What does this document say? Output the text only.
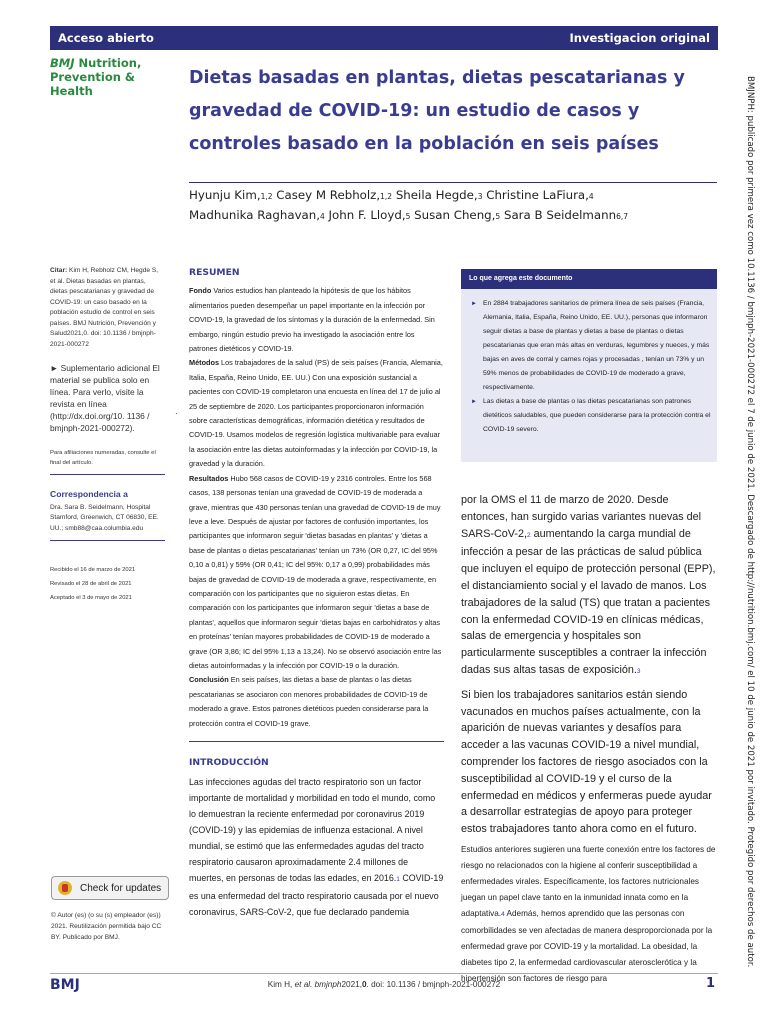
Acceso abierto	Investigacion original
BMJ Nutrition,
Prevention & Health
Dietas basadas en plantas, dietas pescatarianas y gravedad de COVID-19: un estudio de casos y controles basado en la población en seis países
Hyunju Kim,1,2 Casey M Rebholz,1,2 Sheila Hegde,3 Christine LaFiura,4
Madhunika Raghavan,4 John F. Lloyd,5 Susan Cheng,5 Sara B Seidelmann6,7	BMJNPH: publicado por primera vez como 10.1136 / bmjnph-2021-000272 el 7 de junio de 2021. Descargado de http://nutrition.bmj.com/ el 10 de junio de 2021 por invitado. Protegido por derechos de autor.
Citar: Kim H, Rebholz CM, Hegde S, et al. Dietas basadas en plantas, dietas pescatarianas y gravedad de COVID-19: un caso basado en la población estudio de control en seis países. BMJ Nutrición, Prevención y Salud2021,0. doi: 10.1136 / bmjnph-2021-000272
► Suplementario adicional El material se publica solo en línea. Para verlo, visite la revista en línea (http://dx.doi.org/10. 1136 / bmjnph-2021-000272).
Para afiliaciones numeradas, consulte el final del artículo.
Correspondencia a
Dra. Sara B. Seidelmann, Hospital Stamford, Greenwich, CT 06830, EE. UU.; smb88@caa.columbia.edu
Recibido el 16 de marzo de 2021
Revisado el 28 de abril de 2021
Aceptado el 3 de mayo de 2021
.
Check for updates
© Autor (es) (o su (s) empleador (es)) 2021. Reutilización permitida bajo CC BY. Publicado por BMJ.
RESUMEN
Fondo Varios estudios han planteado la hipótesis de que los hábitos alimentarios pueden desempeñar un papel importante en la infección por COVID-19, la gravedad de los síntomas y la duración de la enfermedad. Sin embargo, ningún estudio previo ha investigado la asociación entre los patrones dietéticos y COVID-19.
Métodos Los trabajadores de la salud (PS) de seis países (Francia, Alemania, Italia, España, Reino Unido, EE. UU.) Con una exposición sustancial a pacientes con COVID-19 completaron una encuesta en línea del 17 de julio al 25 de septiembre de 2020. Los participantes proporcionaron información sobre características demográficas, información dietética y resultados de COVID-19. Usamos modelos de regresión logística multivariable para evaluar la asociación entre las dietas autoinformadas y la infección por COVID-19, la gravedad y la duración.
Resultados Hubo 568 casos de COVID-19 y 2316 controles. Entre los 568 casos, 138 personas tenían una gravedad de COVID-19 de moderada a grave, mientras que 430 personas tenían una gravedad de COVID-19 de muy leve a leve. Después de ajustar por factores de confusión importantes, los participantes que informaron seguir 'dietas basadas en plantas' y 'dietas a base de plantas o dietas pescatarianas' tenían un 73% (OR 0,27, IC del 95% 0,10 a 0,81) y 59% (OR 0,41; IC del 95%: 0,17 a 0,99) probabilidades más bajas de gravedad de COVID-19 de moderada a grave, respectivamente, en comparación con los participantes que no siguieron estas dietas. En comparación con los participantes que informaron seguir 'dietas a base de plantas', aquellos que informaron seguir 'dietas bajas en carbohidratos y altas en proteínas' tenían mayores probabilidades de COVID-19 de moderado a grave (OR 3,86; IC del 95% 1,13 a 13,24). No se observó asociación entre las dietas autoinformadas y la infección por COVID-19 o la duración.
Conclusión En seis países, las dietas a base de plantas o las dietas pescatarianas se asociaron con menores probabilidades de COVID-19 de moderado a grave. Estos patrones dietéticos pueden considerarse para la protección contra el COVID-19 grave.
INTRODUCCIÓN
Las infecciones agudas del tracto respiratorio son un factor importante de mortalidad y morbilidad en todo el mundo, como lo demuestran la reciente enfermedad por coronavirus 2019 (COVID-19) y las epidemias de influenza estacional. A nivel mundial, se estimó que las enfermedades agudas del tracto respiratorio causaron aproximadamente 2.4 millones de muertes, en personas de todas las edades, en 2016.1 COVID-19 es una enfermedad del tracto respiratorio causada por el nuevo coronavirus, SARS-CoV-2, que fue declarado pandemia
Lo que agrega este documento
► En 2884 trabajadores sanitarios de primera línea de seis países (Francia, Alemania, Italia, España, Reino Unido, EE. UU.), personas que informaron seguir dietas a base de plantas y dietas a base de plantas o dietas pescatarianas que eran más altas en verduras, legumbres y nueces, y más bajas en aves de corral y carnes rojas y procesadas , tenían un 73% y un 59% menos de probabilidades de COVID-19 de moderado a grave, respectivamente.
► Las dietas a base de plantas o las dietas pescatarianas son patrones dietéticos saludables, que pueden considerarse para la protección contra el COVID-19 severo.

por la OMS el 11 de marzo de 2020. Desde entonces, han surgido varias variantes nuevas del SARS-CoV-2,2 aumentando la carga mundial de infección a pesar de las prácticas de salud pública que incluyen el equipo de protección personal (EPP), el distanciamiento social y el lavado de manos. Los trabajadores de la salud (TS) que tratan a pacientes con la enfermedad COVID-19 en clínicas médicas, salas de emergencia y hospitales son particularmente susceptibles a contraer la infección dadas sus altas tasas de exposición.3

Si bien los trabajadores sanitarios están siendo vacunados en muchos países actualmente, con la aparición de nuevas variantes y desafíos para acceder a las vacunas COVID-19 a nivel mundial, comprender los factores de riesgo asociados con la susceptibilidad al COVID-19 y el curso de la enfermedad en médicos y enfermeras puede ayudar a desarrollar estrategias de apoyo para proteger estos trabajadores tanto ahora como en el futuro.

Estudios anteriores sugieren una fuerte conexión entre los factores de riesgo no relacionados con la higiene al conferir susceptibilidad a enfermedades virales. Específicamente, los factores nutricionales juegan un papel clave tanto en la inmunidad innata como en la adaptativa.4 Además, hemos aprendido que las personas con comorbilidades se ven afectadas de manera desproporcionada por la enfermedad grave por COVID-19 y la mortalidad. La obesidad, la diabetes tipo 2, la enfermedad cardiovascular aterosclerótica y la hipertensión son factores de riesgo para

BMJ	Kim H, et al. bmjnph2021,0. doi: 10.1136 / bmjnph-2021-000272	1
